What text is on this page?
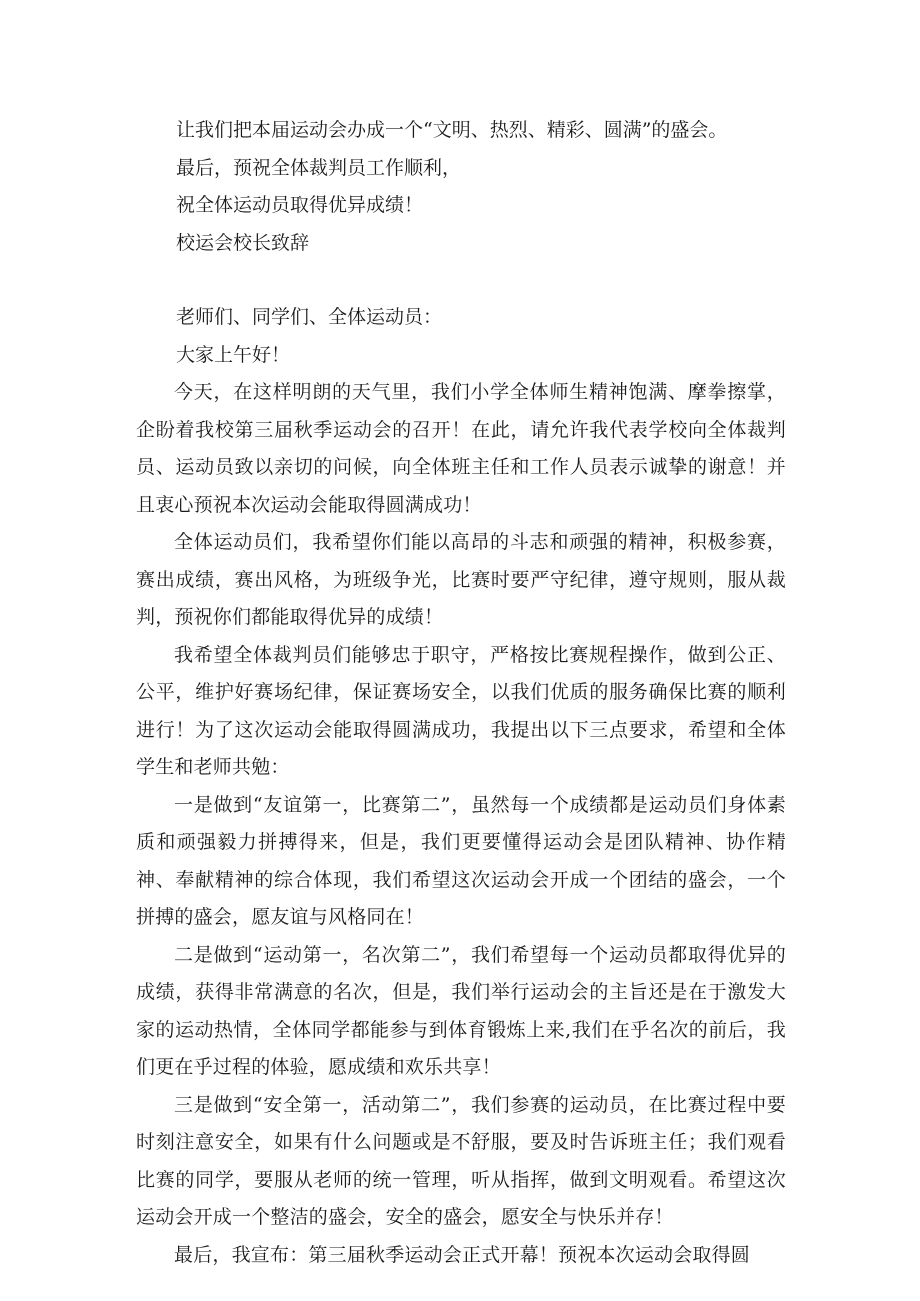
让我们把本届运动会办成一个“文明、热烈、精彩、圆满”的盛会。

最后，预祝全体裁判员工作顺利，

祝全体运动员取得优异成绩！

校运会校长致辞

老师们、同学们、全体运动员：

大家上午好！

今天，在这样明朗的天气里，我们小学全体师生精神饱满、摩拳擦掌，企盼着我校第三届秋季运动会的召开！在此，请允许我代表学校向全体裁判员、运动员致以亲切的问候，向全体班主任和工作人员表示诚挚的谢意！并且衷心预祝本次运动会能取得圆满成功！

全体运动员们，我希望你们能以高昂的斗志和顽强的精神，积极参赛，赛出成绩，赛出风格，为班级争光，比赛时要严守纪律，遵守规则，服从裁判，预祝你们都能取得优异的成绩！

我希望全体裁判员们能够忠于职守，严格按比赛规程操作，做到公正、公平，维护好赛场纪律，保证赛场安全，以我们优质的服务确保比赛的顺利进行！为了这次运动会能取得圆满成功，我提出以下三点要求，希望和全体学生和老师共勉：

一是做到“友谊第一，比赛第二”，虽然每一个成绩都是运动员们身体素质和顽强毅力拼搏得来，但是，我们更要懂得运动会是团队精神、协作精神、奉献精神的综合体现，我们希望这次运动会开成一个团结的盛会，一个拼搏的盛会，愿友谊与风格同在！

二是做到“运动第一，名次第二”，我们希望每一个运动员都取得优异的成绩，获得非常满意的名次，但是，我们举行运动会的主旨还是在于激发大家的运动热情，全体同学都能参与到体育锻炼上来,我们在乎名次的前后，我们更在乎过程的体验，愿成绩和欢乐共享！

三是做到“安全第一，活动第二”，我们参赛的运动员，在比赛过程中要时刻注意安全，如果有什么问题或是不舒服，要及时告诉班主任；我们观看比赛的同学，要服从老师的统一管理，听从指挥，做到文明观看。希望这次运动会开成一个整洁的盛会，安全的盛会，愿安全与快乐并存！

最后，我宣布：第三届秋季运动会正式开幕！预祝本次运动会取得圆
